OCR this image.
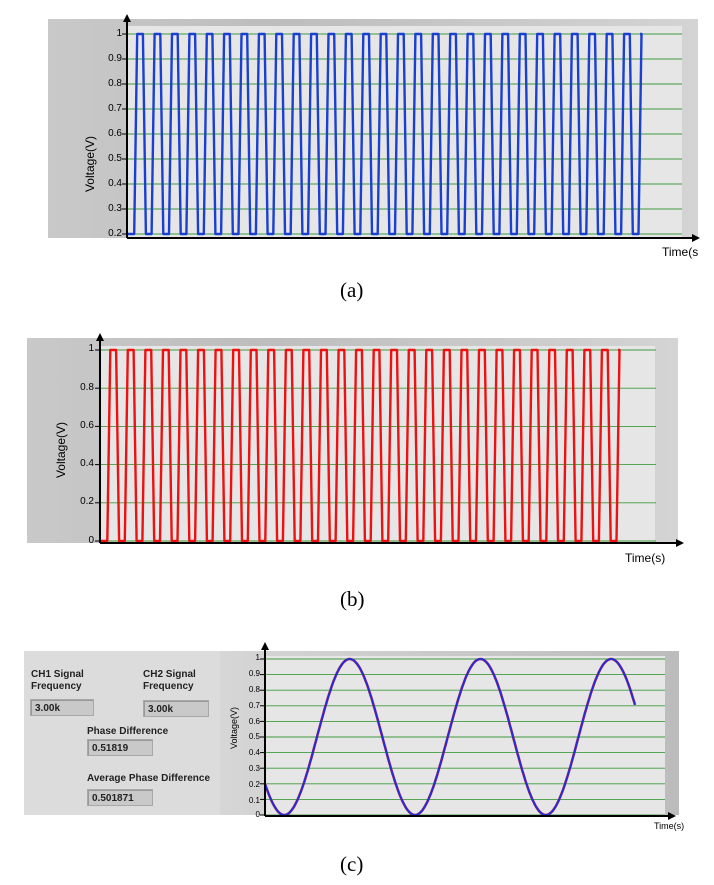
1
0.9
0.8
0.7
0.6
0.5
0.4
0.3
0.2
Voltage(V)
Time(s
(a)
1
0.8
0.6
0.4
0.2
0
Voltage(V)
Time(s)
(b)
CH1 Signal
Frequency
3.00k
CH2 Signal
Frequency
3.00k
Phase Difference
0.51819
Average Phase Difference
0.501871
1
0.9
0.8
0.7
0.6
0.5
0.4
0.3
0.2
0.1
0
Voltage(V)
Time(s)
(c)
